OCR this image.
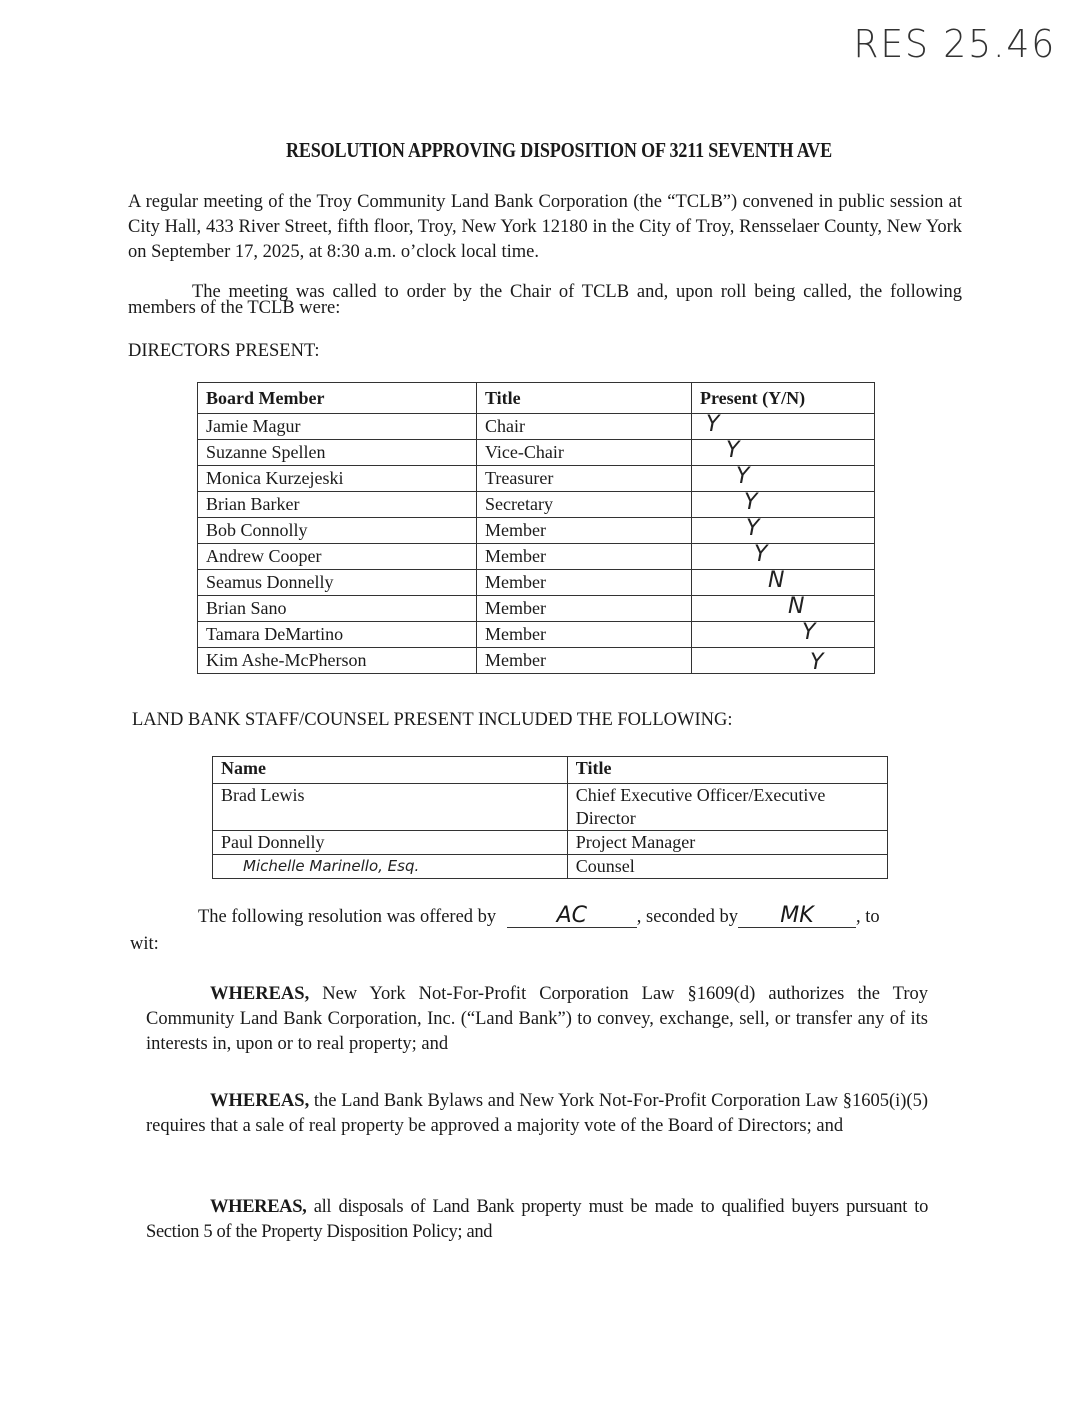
RES 25.46
RESOLUTION APPROVING DISPOSITION OF 3211 SEVENTH AVE
A regular meeting of the Troy Community Land Bank Corporation (the “TCLB”) convened in public session at City Hall, 433 River Street, fifth floor, Troy, New York 12180 in the City of Troy, Rensselaer County, New York on September 17, 2025, at 8:30 a.m. o’clock local time.
The meeting was called to order by the Chair of TCLB and, upon roll being called, the following members of the TCLB were:
DIRECTORS PRESENT:
Board Member	Title	Present (Y/N)
Jamie Magur	Chair	Y

Suzanne Spellen	Vice-Chair	Y

Monica Kurzejeski	Treasurer	Y

Brian Barker	Secretary	Y

Bob Connolly	Member	Y

Andrew Cooper	Member	Y

Seamus Donnelly	Member	N

Brian Sano	Member	N

Tamara DeMartino	Member	Y

Kim Ashe-McPherson	Member	Y
LAND BANK STAFF/COUNSEL PRESENT INCLUDED THE FOLLOWING:
Name	Title
Brad Lewis	Chief Executive Officer/Executive Director
Paul Donnelly	Project Manager
Michelle Marinello, Esq.	Counsel
The following resolution was offered by	AC	, seconded by MK , to
wit:
WHEREAS, New York Not-For-Profit Corporation Law §1609(d) authorizes the Troy Community Land Bank Corporation, Inc. (“Land Bank”) to convey, exchange, sell, or transfer any of its interests in, upon or to real property; and
WHEREAS, the Land Bank Bylaws and New York Not-For-Profit Corporation Law §1605(i)(5) requires that a sale of real property be approved a majority vote of the Board of Directors; and
WHEREAS, all disposals of Land Bank property must be made to qualified buyers pursuant to Section 5 of the Property Disposition Policy; and
